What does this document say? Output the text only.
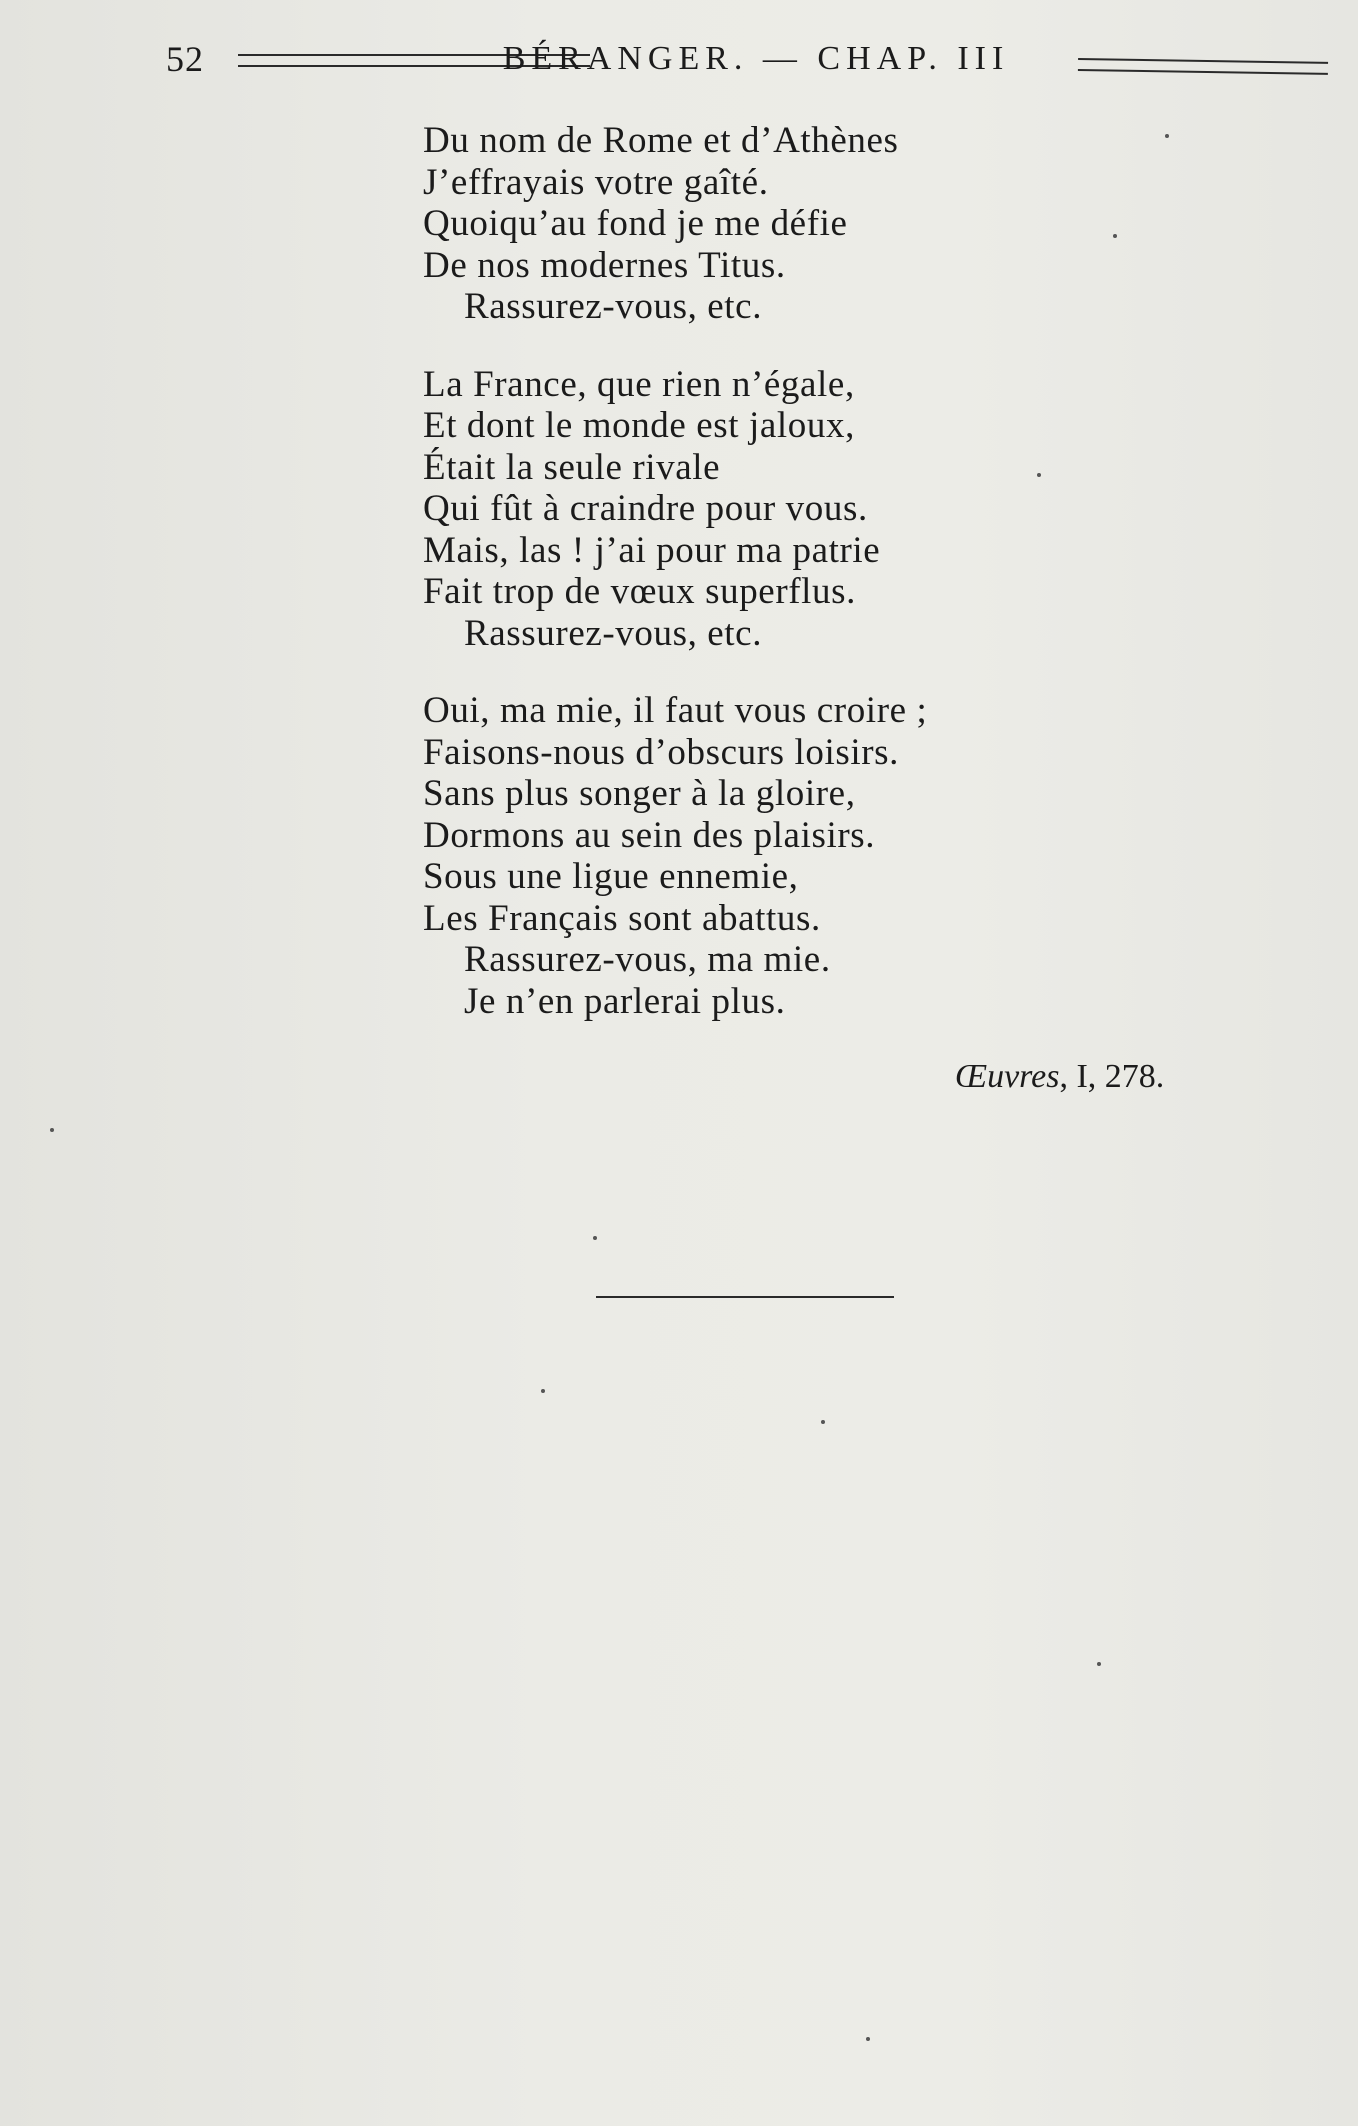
52	BÉRANGER. — CHAP. III
Du nom de Rome et d’Athènes
J’effrayais votre gaîté.
Quoiqu’au fond je me défie
De nos modernes Titus.
Rassurez-vous, etc.
La France, que rien n’égale,
Et dont le monde est jaloux,
Était la seule rivale
Qui fût à craindre pour vous.
Mais, las ! j’ai pour ma patrie
Fait trop de vœux superflus.
Rassurez-vous, etc.
Oui, ma mie, il faut vous croire ;
Faisons-nous d’obscurs loisirs.
Sans plus songer à la gloire,
Dormons au sein des plaisirs.
Sous une ligue ennemie,
Les Français sont abattus.
Rassurez-vous, ma mie.
Je n’en parlerai plus.
Œuvres, I, 278.
